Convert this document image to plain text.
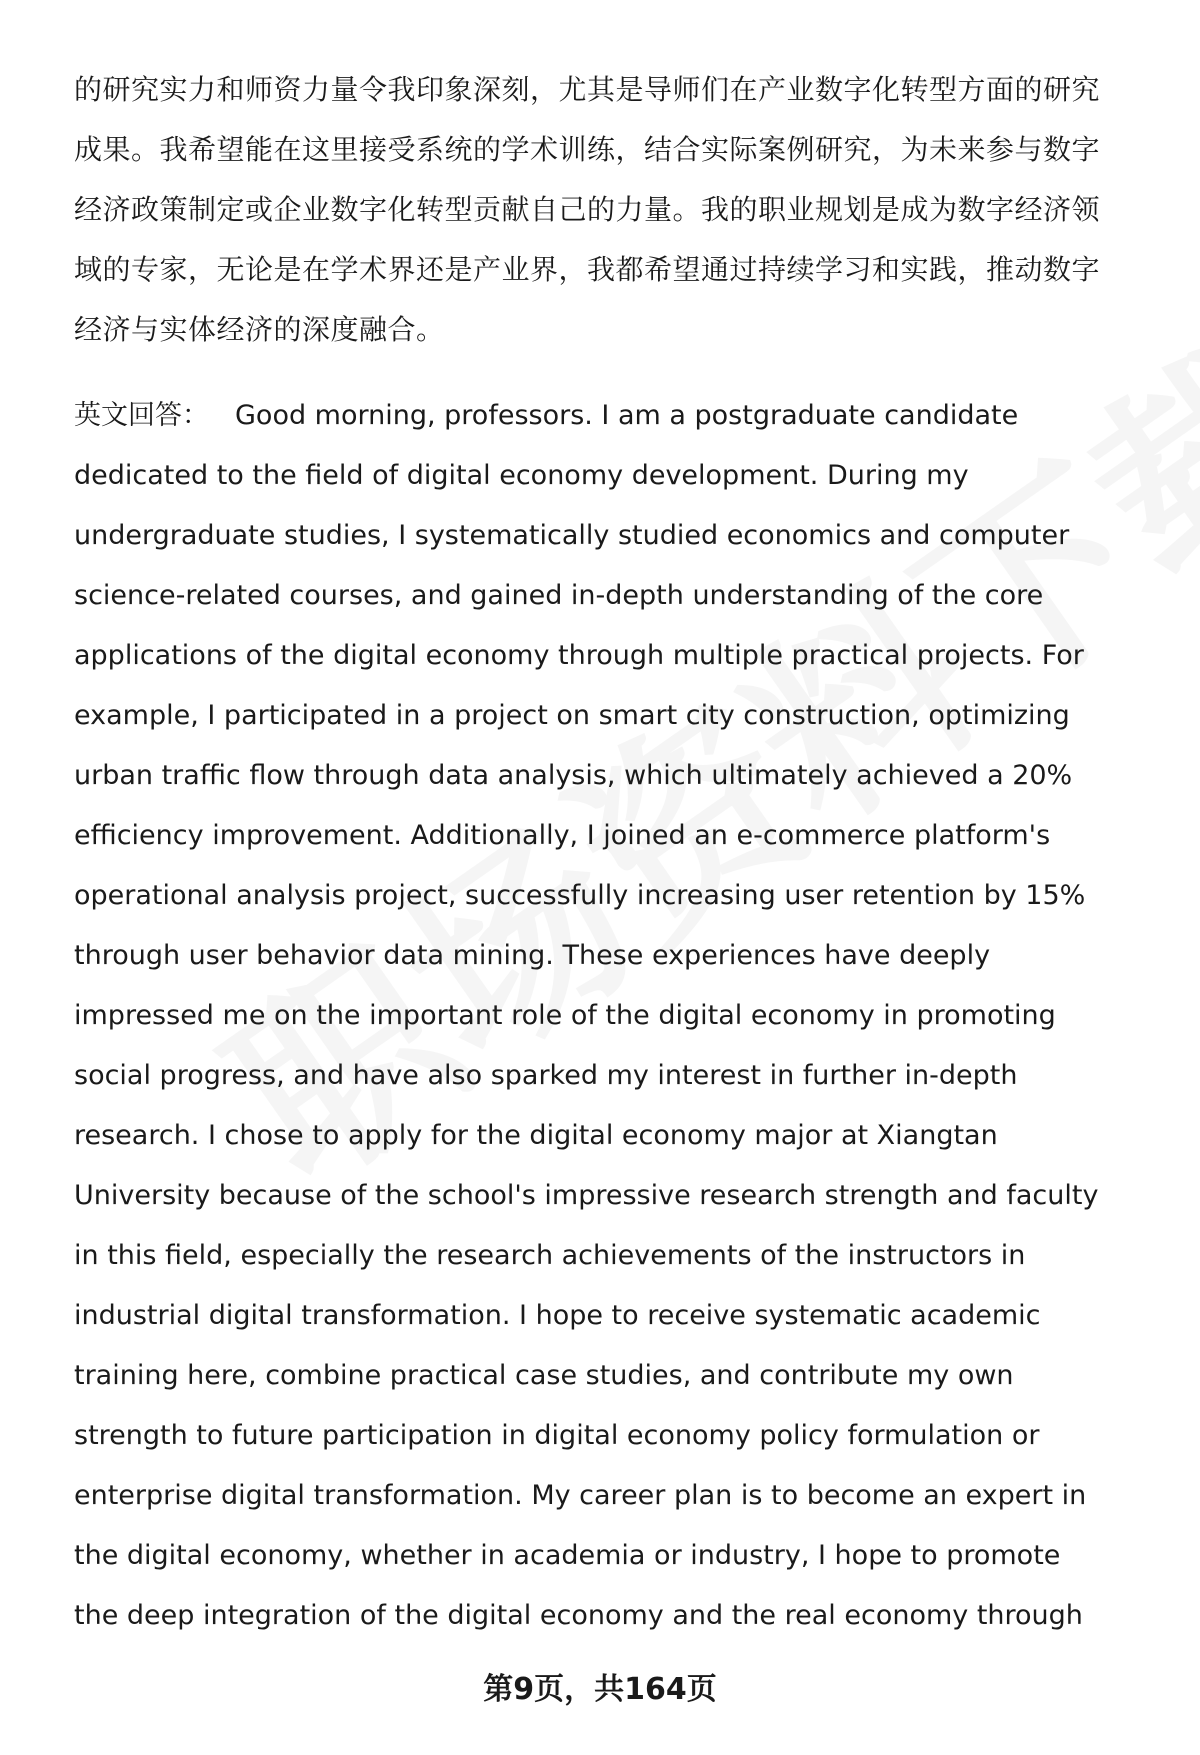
的研究实力和师资力量令我印象深刻，尤其是导师们在产业数字化转型方面的研究
成果。我希望能在这里接受系统的学术训练，结合实际案例研究，为未来参与数字
经济政策制定或企业数字化转型贡献自己的力量。我的职业规划是成为数字经济领
域的专家，无论是在学术界还是产业界，我都希望通过持续学习和实践，推动数字
经济与实体经济的深度融合。
英文回答： Good morning, professors. I am a postgraduate candidate
dedicated to the field of digital economy development. During my
undergraduate studies, I systematically studied economics and computer
science-related courses, and gained in-depth understanding of the core
applications of the digital economy through multiple practical projects. For
example, I participated in a project on smart city construction, optimizing
urban traffic flow through data analysis, which ultimately achieved a 20%
efficiency improvement. Additionally, I joined an e-commerce platform's
operational analysis project, successfully increasing user retention by 15%
through user behavior data mining. These experiences have deeply
impressed me on the important role of the digital economy in promoting
social progress, and have also sparked my interest in further in-depth
research. I chose to apply for the digital economy major at Xiangtan
University because of the school's impressive research strength and faculty
in this field, especially the research achievements of the instructors in
industrial digital transformation. I hope to receive systematic academic
training here, combine practical case studies, and contribute my own
strength to future participation in digital economy policy formulation or
enterprise digital transformation. My career plan is to become an expert in
the digital economy, whether in academia or industry, I hope to promote
the deep integration of the digital economy and the real economy through
第9页，共164页
